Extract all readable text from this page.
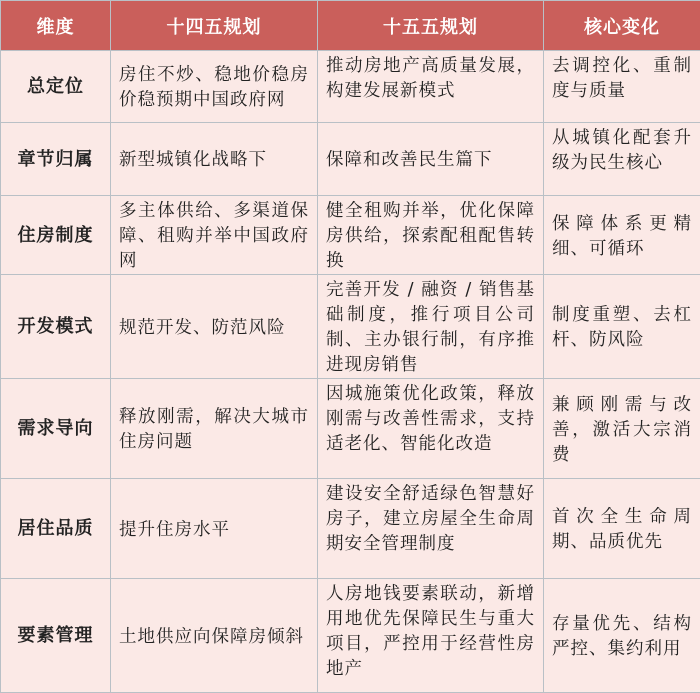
维度	十四五规划	十五五规划	核心变化
总定位	房住不炒、稳地价稳房价稳预期中国政府网	推动房地产高质量发展，构建发展新模式	去调控化、重制度与质量
章节归属	新型城镇化战略下	保障和改善民生篇下	从城镇化配套升级为民生核心
住房制度	多主体供给、多渠道保障、租购并举中国政府网	健全租购并举，优化保障房供给，探索配租配售转换	保障体系更精细、可循环
开发模式	规范开发、防范风险	完善开发 / 融资 / 销售基础制度，推行项目公司制、主办银行制，有序推进现房销售	制度重塑、去杠杆、防风险
需求导向	释放刚需，解决大城市住房问题	因城施策优化政策，释放刚需与改善性需求，支持适老化、智能化改造	兼顾刚需与改善，激活大宗消费
居住品质	提升住房水平	建设安全舒适绿色智慧好房子，建立房屋全生命周期安全管理制度	首次全生命周期、品质优先
要素管理	土地供应向保障房倾斜	人房地钱要素联动，新增用地优先保障民生与重大项目，严控用于经营性房地产	存量优先、结构严控、集约利用
